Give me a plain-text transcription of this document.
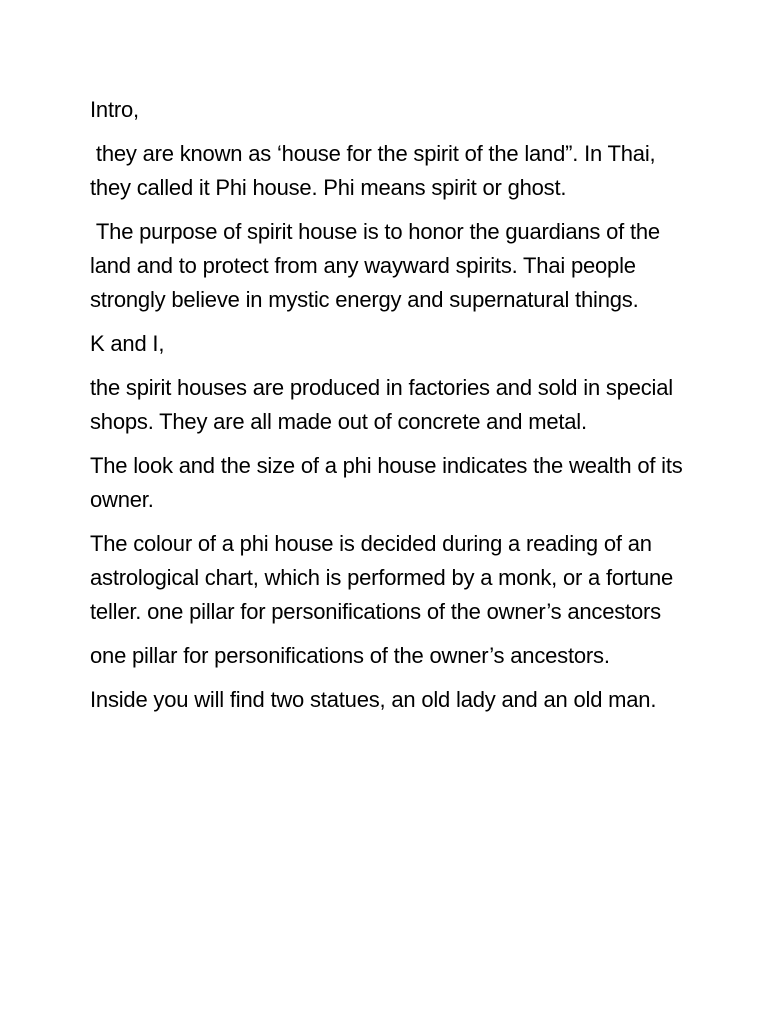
Intro,

they are known as ‘house for the spirit of the land”. In Thai, they called it Phi house. Phi means spirit or ghost.

The purpose of spirit house is to honor the guardians of the land and to protect from any wayward spirits. Thai people strongly believe in mystic energy and supernatural things.

K and I,

the spirit houses are produced in factories and sold in special shops. They are all made out of concrete and metal.

The look and the size of a phi house indicates the wealth of its owner.

The colour of a phi house is decided during a reading of an astrological chart, which is performed by a monk, or a fortune teller. one pillar for personifications of the owner’s ancestors

one pillar for personifications of the owner’s ancestors.

Inside you will find two statues, an old lady and an old man.
